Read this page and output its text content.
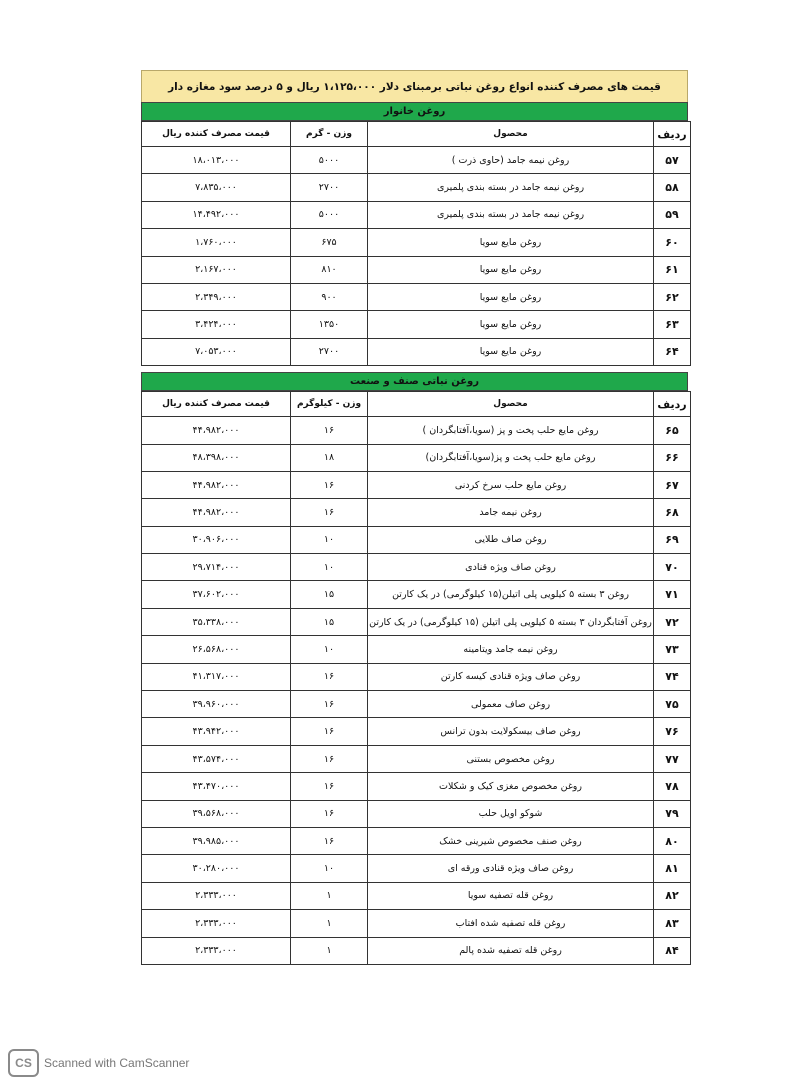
قیمت های مصرف کننده انواع روغن نباتی برمبنای دلار ۱،۱۲۵،۰۰۰ ریال و ۵ درصد سود مغازه دار
روغن خانوار
ردیف	محصول	وزن - گرم	قیمت مصرف کننده ریال
۵۷	روغن نیمه جامد (حاوی ذرت )	۵۰۰۰	۱۸،۰۱۳،۰۰۰
۵۸	روغن نیمه جامد در بسته بندی پلمیری	۲۷۰۰	۷،۸۳۵،۰۰۰
۵۹	روغن نیمه جامد در بسته بندی پلمیری	۵۰۰۰	۱۴،۴۹۲،۰۰۰
۶۰	روغن مایع سویا	۶۷۵	۱،۷۶۰،۰۰۰
۶۱	روغن مایع سویا	۸۱۰	۲،۱۶۷،۰۰۰
۶۲	روغن مایع سویا	۹۰۰	۲،۳۴۹،۰۰۰
۶۳	روغن مایع سویا	۱۳۵۰	۳،۴۲۴،۰۰۰
۶۴	روغن مایع سویا	۲۷۰۰	۷،۰۵۳،۰۰۰
روغن نباتی صنف و صنعت
ردیف	محصول	وزن - کیلوگرم	قیمت مصرف کننده ریال
۶۵	روغن مایع حلب پخت و پز (سویا،آفتابگردان )	۱۶	۴۴،۹۸۲،۰۰۰
۶۶	روغن مایع حلب پخت و پز(سویا،آفتابگردان)	۱۸	۴۸،۳۹۸،۰۰۰
۶۷	روغن مایع حلب سرخ کردنی	۱۶	۴۴،۹۸۲،۰۰۰
۶۸	روغن نیمه جامد	۱۶	۴۴،۹۸۲،۰۰۰
۶۹	روغن صاف طلایی	۱۰	۳۰،۹۰۶،۰۰۰
۷۰	روغن صاف ویژه قنادی	۱۰	۲۹،۷۱۴،۰۰۰
۷۱	روغن ۳ بسته ۵ کیلویی پلی اتیلن(۱۵ کیلوگرمی) در یک کارتن	۱۵	۳۷،۶۰۲،۰۰۰
۷۲	روغن آفتابگردان ۳ بسته ۵ کیلویی پلی اتیلن (۱۵ کیلوگرمی) در یک کارتن	۱۵	۳۵،۳۳۸،۰۰۰
۷۳	روغن نیمه جامد ویتامینه	۱۰	۲۶،۵۶۸،۰۰۰
۷۴	روغن صاف ویژه قنادی کیسه کارتن	۱۶	۴۱،۳۱۷،۰۰۰
۷۵	روغن صاف معمولی	۱۶	۳۹،۹۶۰،۰۰۰
۷۶	روغن صاف بیسکولایت بدون ترانس	۱۶	۴۳،۹۴۲،۰۰۰
۷۷	روغن مخصوص بستنی	۱۶	۴۳،۵۷۴،۰۰۰
۷۸	روغن مخصوص مغزی کیک و شکلات	۱۶	۴۳،۴۷۰،۰۰۰
۷۹	شوکو اویل حلب	۱۶	۳۹،۵۶۸،۰۰۰
۸۰	روغن صنف مخصوص شیرینی خشک	۱۶	۳۹،۹۸۵،۰۰۰
۸۱	روغن صاف ویژه قنادی ورقه ای	۱۰	۳۰،۲۸۰،۰۰۰
۸۲	روغن قله تصفیه سویا	۱	۲،۳۳۳،۰۰۰
۸۳	روغن قله تصفیه شده افتاب	۱	۲،۳۳۳،۰۰۰
۸۴	روغن قله تصفیه شده پالم	۱	۲،۳۳۳،۰۰۰
CS	Scanned with CamScanner
